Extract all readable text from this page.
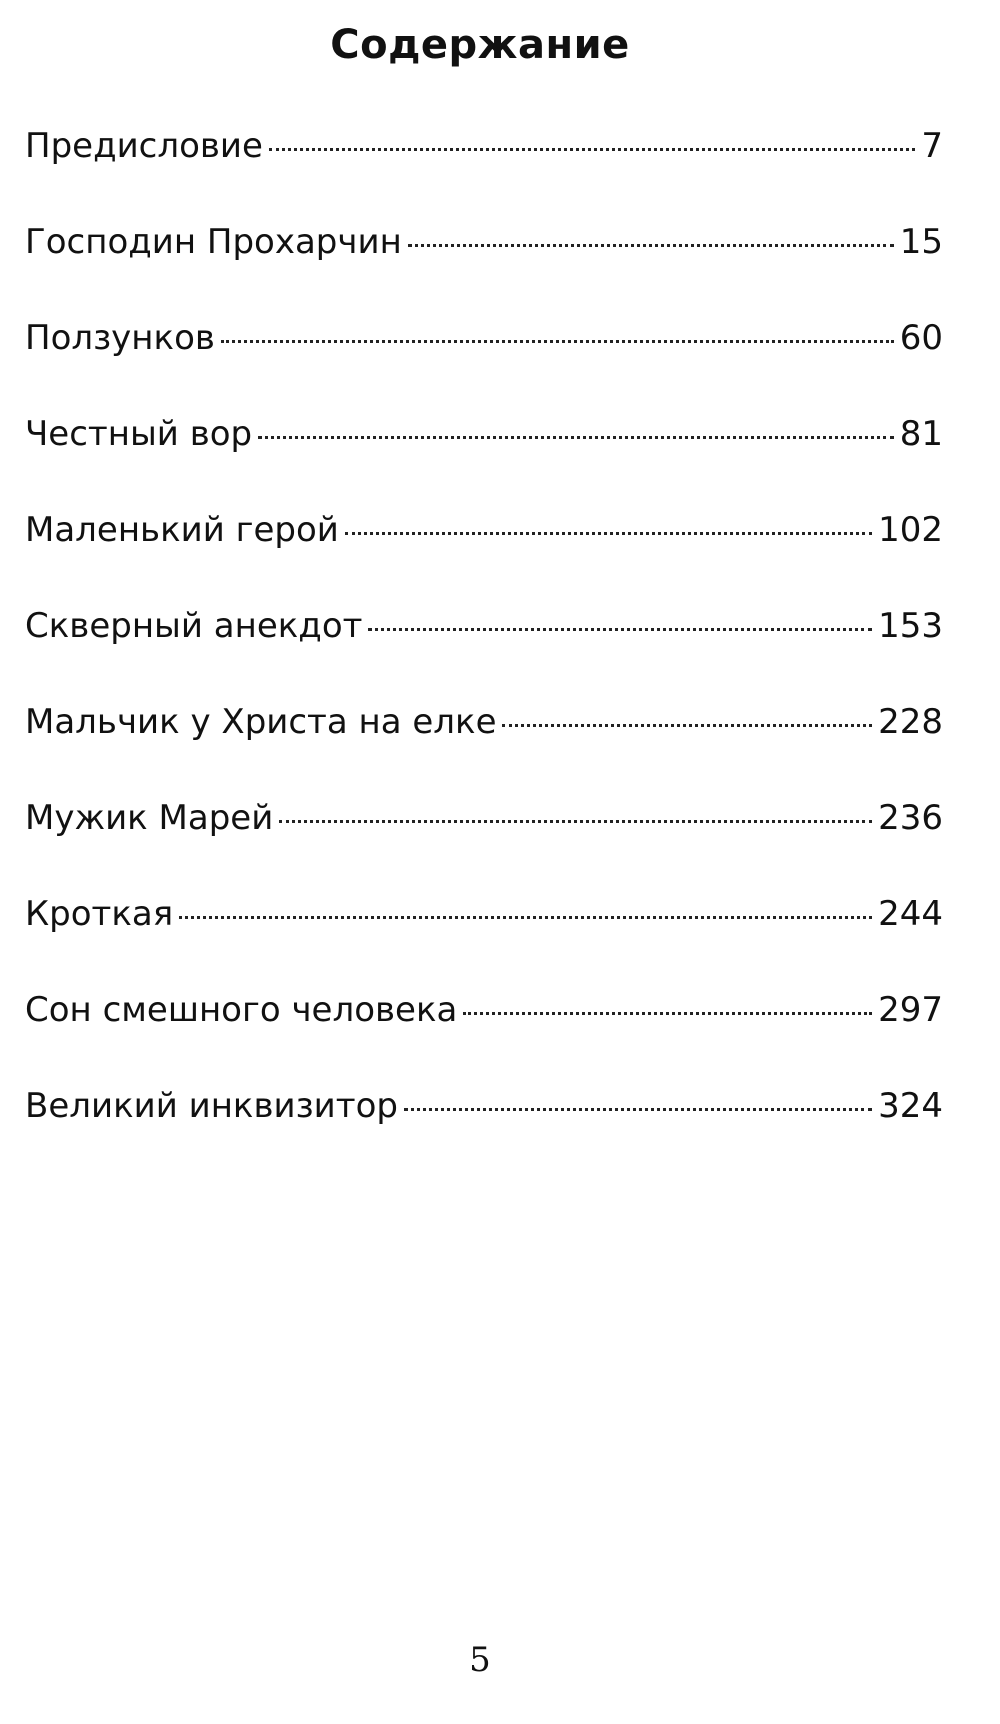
Содержание
Предисловие	7
Господин Прохарчин	15
Ползунков	60
Честный вор	81
Маленький герой	102
Скверный анекдот	153
Мальчик у Христа на елке	228
Мужик Марей	236
Кроткая	244
Сон смешного человека	297
Великий инквизитор	324
5
